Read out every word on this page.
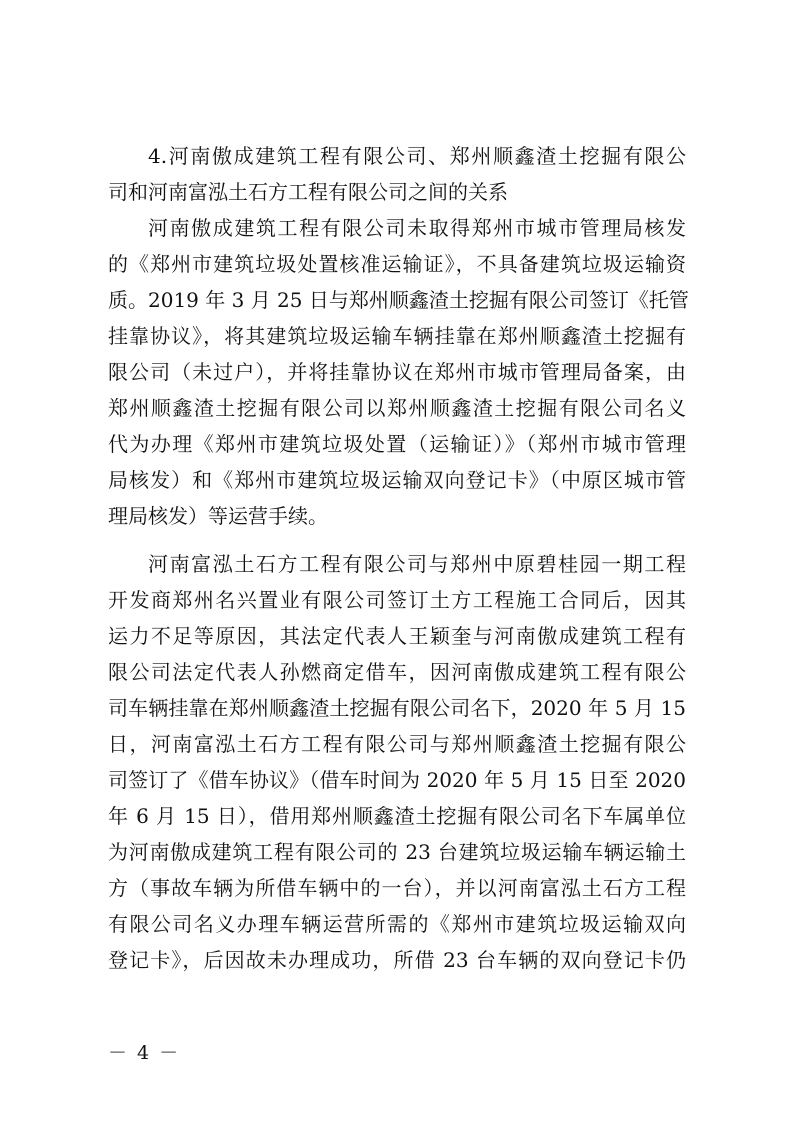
4.河南傲成建筑工程有限公司、郑州顺鑫渣土挖掘有限公
司和河南富泓土石方工程有限公司之间的关系
河南傲成建筑工程有限公司未取得郑州市城市管理局核发
的《郑州市建筑垃圾处置核准运输证》，不具备建筑垃圾运输资
质。2019 年 3 月 25 日与郑州顺鑫渣土挖掘有限公司签订《托管
挂靠协议》，将其建筑垃圾运输车辆挂靠在郑州顺鑫渣土挖掘有
限公司（未过户），并将挂靠协议在郑州市城市管理局备案，由
郑州顺鑫渣土挖掘有限公司以郑州顺鑫渣土挖掘有限公司名义
代为办理《郑州市建筑垃圾处置（运输证）》（郑州市城市管理
局核发）和《郑州市建筑垃圾运输双向登记卡》（中原区城市管
理局核发）等运营手续。
河南富泓土石方工程有限公司与郑州中原碧桂园一期工程
开发商郑州名兴置业有限公司签订土方工程施工合同后，因其
运力不足等原因，其法定代表人王颖奎与河南傲成建筑工程有
限公司法定代表人孙燃商定借车，因河南傲成建筑工程有限公
司车辆挂靠在郑州顺鑫渣土挖掘有限公司名下，2020 年 5 月 15
日，河南富泓土石方工程有限公司与郑州顺鑫渣土挖掘有限公
司签订了《借车协议》（借车时间为 2020 年 5 月 15 日至 2020
年 6 月 15 日），借用郑州顺鑫渣土挖掘有限公司名下车属单位
为河南傲成建筑工程有限公司的 23 台建筑垃圾运输车辆运输土
方（事故车辆为所借车辆中的一台），并以河南富泓土石方工程
有限公司名义办理车辆运营所需的《郑州市建筑垃圾运输双向
登记卡》，后因故未办理成功，所借 23 台车辆的双向登记卡仍
－ 4 －
